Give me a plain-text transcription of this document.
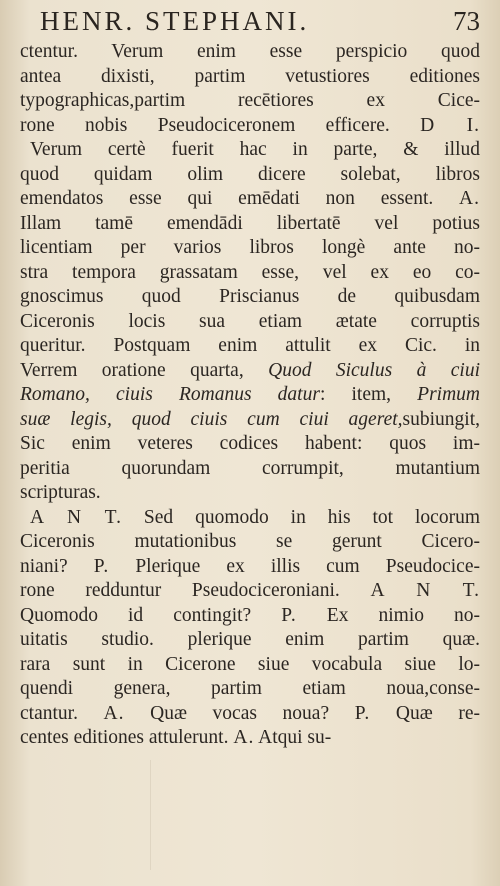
HENR. STEPHANI.	73
ctentur. Verum enim esse perspicio quod
antea dixisti, partim vetustiores editiones
typographicas,partim recētiores ex Cice-
rone nobis Pseudociceronem efficere. D I.
Verum certè fuerit hac in parte, & illud
quod quidam olim dicere solebat, libros
emendatos esse qui emēdati non essent. A.
Illam tamē emendādi libertatē vel potius
licentiam per varios libros longè ante no-
stra tempora grassatam esse, vel ex eo co-
gnoscimus quod Priscianus de quibusdam
Ciceronis locis sua etiam ætate corruptis
queritur. Postquam enim attulit ex Cic. in
Verrem oratione quarta, Quod Siculus à ciui
Romano, ciuis Romanus datur: item, Primum
suæ legis, quod ciuis cum ciui ageret,subiungit,
Sic enim veteres codices habent: quos im-
peritia quorundam corrumpit, mutantium
scripturas.
A N T. Sed quomodo in his tot locorum
Ciceronis mutationibus se gerunt Cicero-
niani? P. Plerique ex illis cum Pseudocice-
rone redduntur Pseudociceroniani. A N T.
Quomodo id contingit? P. Ex nimio no-
uitatis studio. plerique enim partim quæ.
rara sunt in Cicerone siue vocabula siue lo-
quendi genera, partim etiam noua,conse-
ctantur. A. Quæ vocas noua? P. Quæ re-
centes editiones attulerunt. A. Atqui su-
